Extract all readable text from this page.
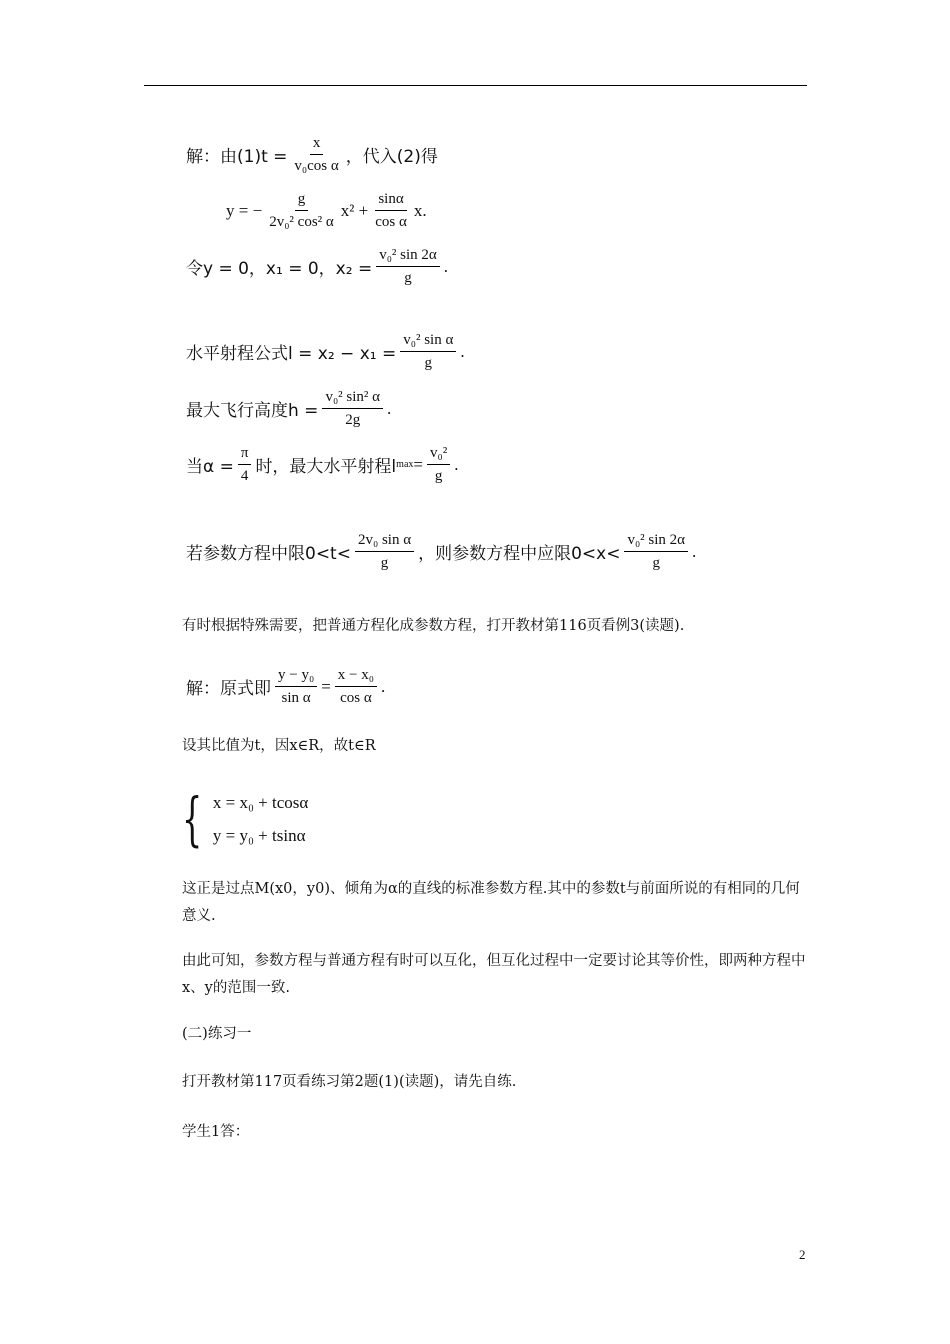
解：由$(1)t = \frac{x}{\text{v₀cos α}}$ ，代入(2)得
y = − $\frac{g}{\text{2v₀² cos² α}} x^2 + \frac{\sin\alpha}{\text{cos α}} x$.
令y = 0，x₁ = 0，$x_2 = \frac{\text{v₀² sin 2α}}{g}$ .
水平射程公式$l = x_2 - x_1 = \frac{\text{v₀² sin α}}{g}$ .
最大飞行高度$h = \frac{\text{v₀² sin² α}}{2g}$ .
当$\alpha = \frac{\pi}{4}$ 时，最大水平射程l $\max = \frac{\text{v₀²}}{g}$ .
若参数方程中限$0<t< \frac{\text{2v₀ sin α}}{g}$ ，则参数方程中应限$0<x< \frac{\text{v₀² sin 2α}}{g}$ .
有时根据特殊需要，把普通方程化成参数方程，打开教材第116页看例3(读题).
解：原式即 $\frac{\text{y − y₀}}{\text{sin α}} = \frac{\text{x − x₀}}{\text{cos α}}$ .
设其比值为t，因x∈R，故t∈R
{ x = x₀ + tcosα
y = y₀ + tsinα
这正是过点M(x0，y0)、倾角为α的直线的标准参数方程.其中的参数t与前面所说的有相同的几何意义.
由此可知，参数方程与普通方程有时可以互化，但互化过程中一定要讨论其等价性，即两种方程中x、y的范围一致.
(二)练习一
打开教材第117页看练习第2题(1)(读题)，请先自练.
学生1答：
2
